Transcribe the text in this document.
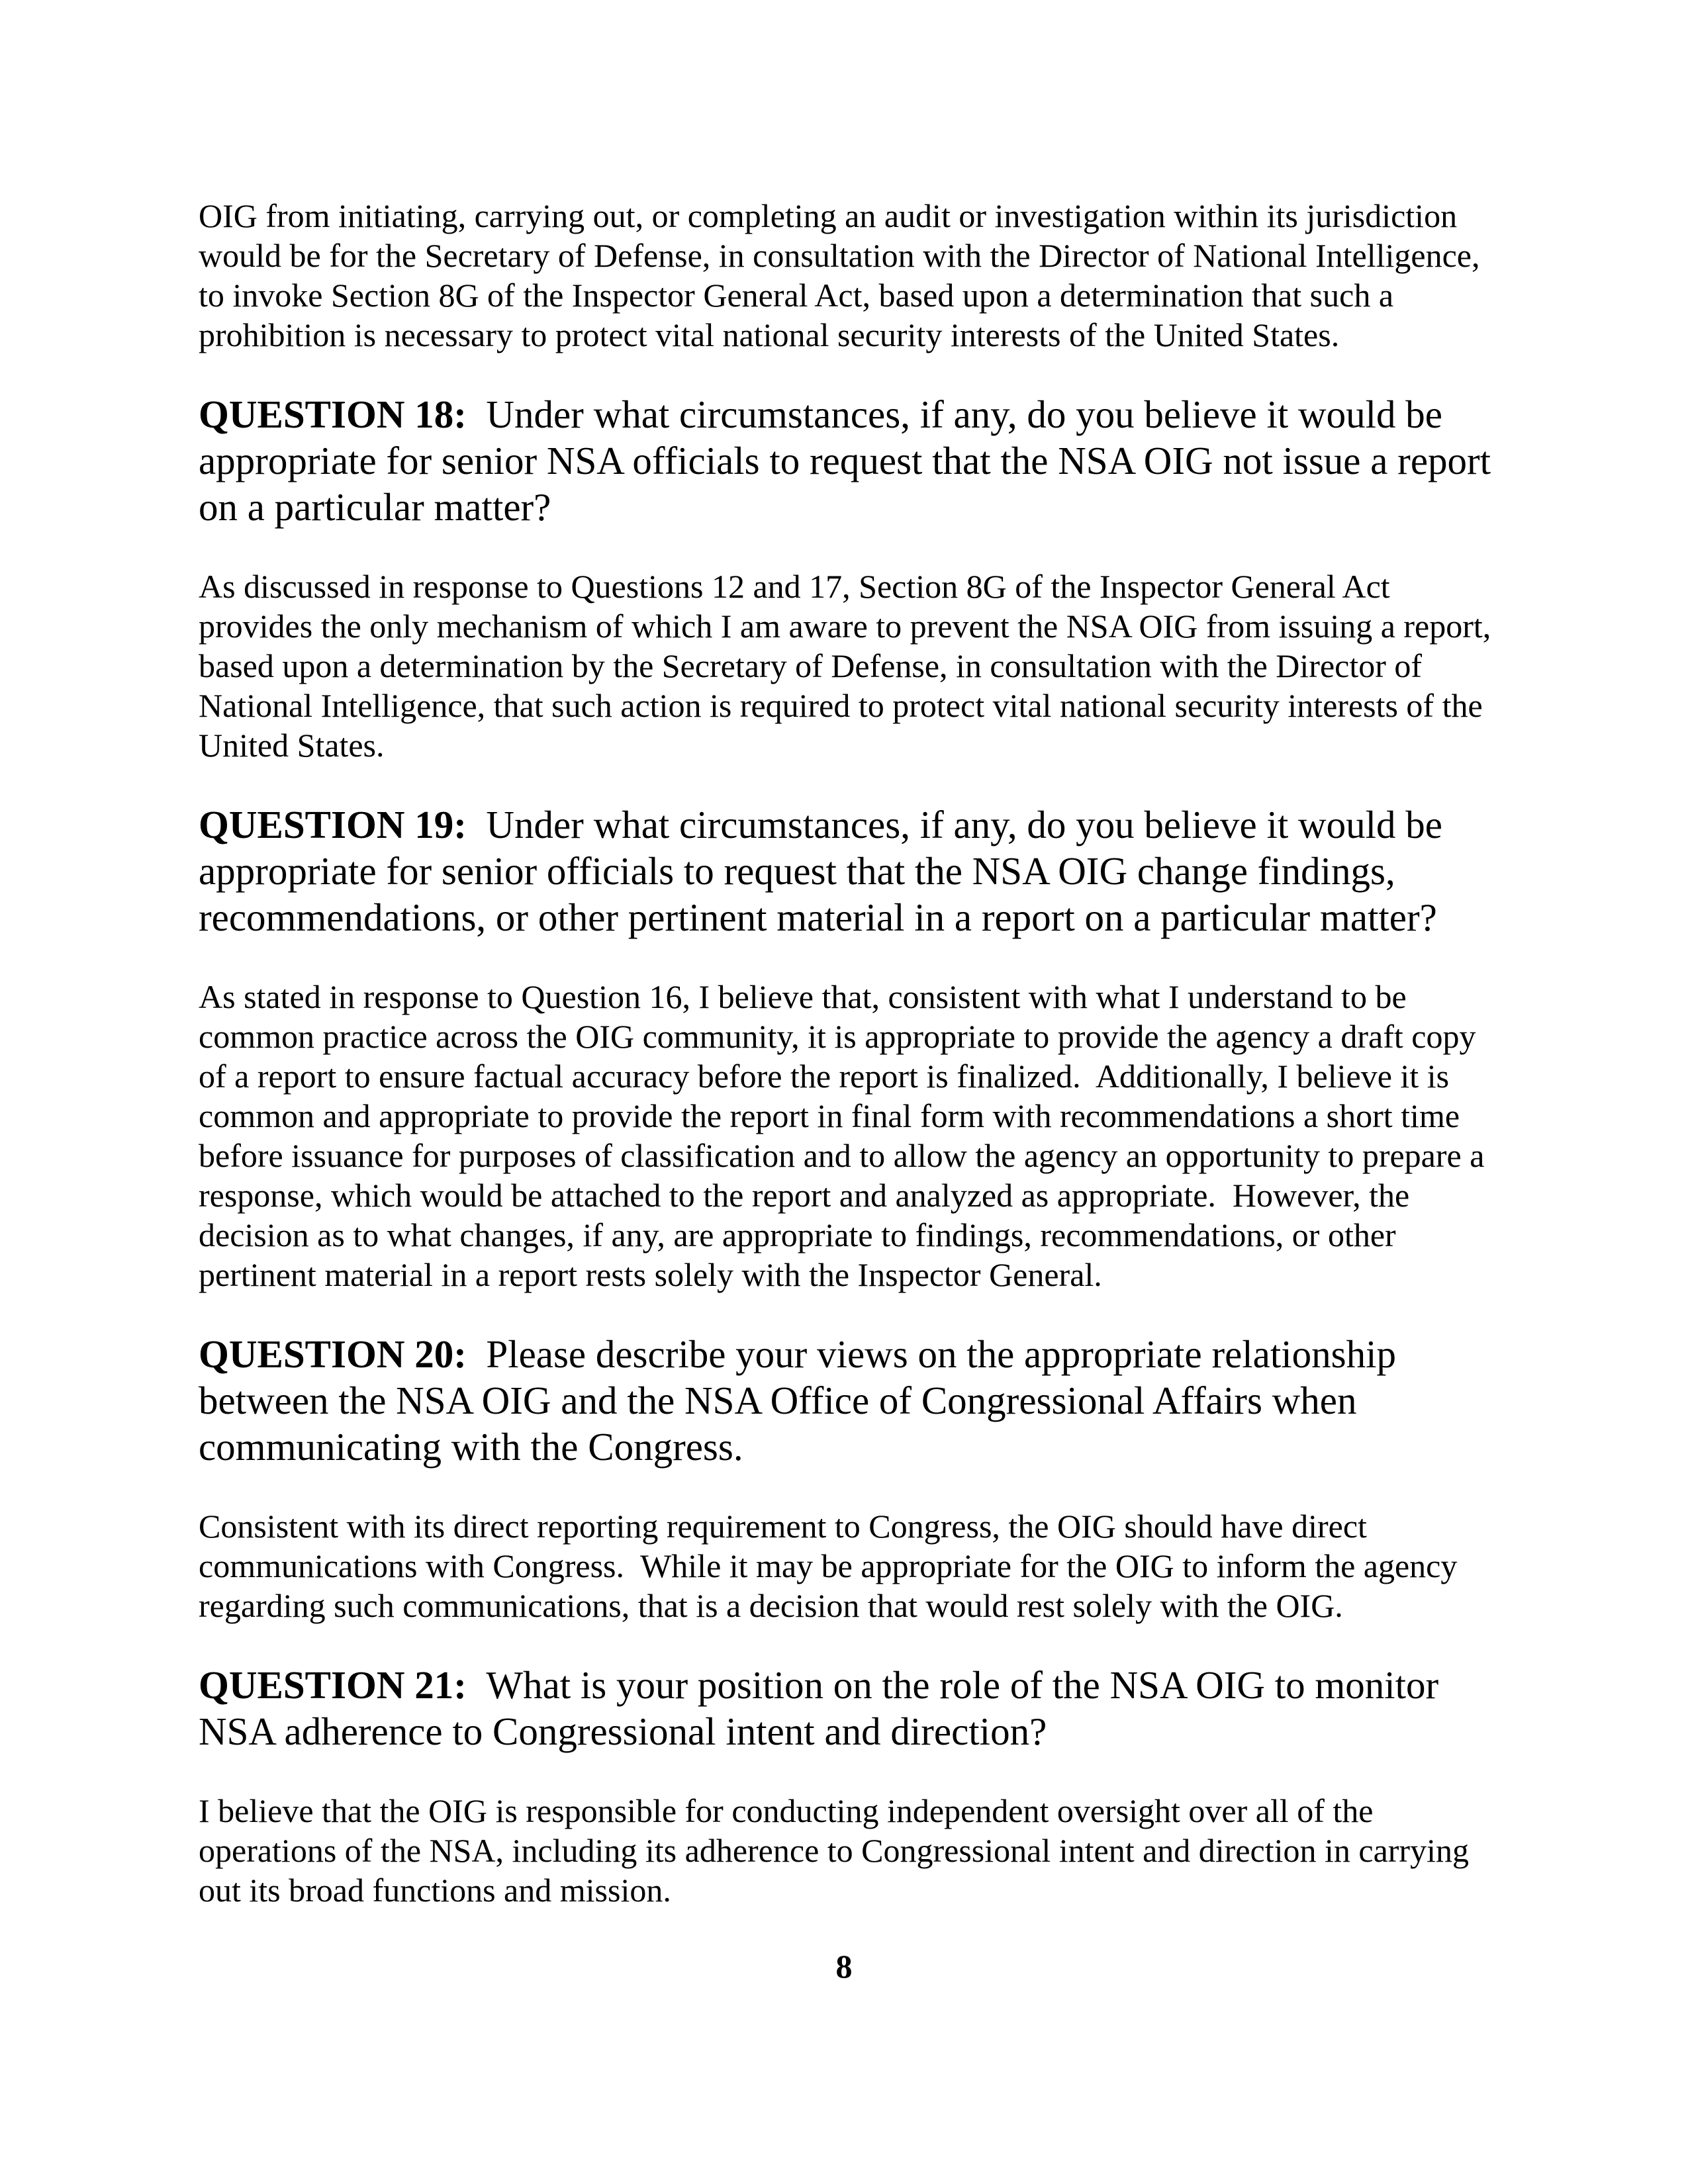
OIG from initiating, carrying out, or completing an audit or investigation within its jurisdiction would be for the Secretary of Defense, in consultation with the Director of National Intelligence, to invoke Section 8G of the Inspector General Act, based upon a determination that such a prohibition is necessary to protect vital national security interests of the United States.
QUESTION 18: Under what circumstances, if any, do you believe it would be appropriate for senior NSA officials to request that the NSA OIG not issue a report on a particular matter?
As discussed in response to Questions 12 and 17, Section 8G of the Inspector General Act provides the only mechanism of which I am aware to prevent the NSA OIG from issuing a report, based upon a determination by the Secretary of Defense, in consultation with the Director of National Intelligence, that such action is required to protect vital national security interests of the United States.
QUESTION 19: Under what circumstances, if any, do you believe it would be appropriate for senior officials to request that the NSA OIG change findings, recommendations, or other pertinent material in a report on a particular matter?
As stated in response to Question 16, I believe that, consistent with what I understand to be common practice across the OIG community, it is appropriate to provide the agency a draft copy of a report to ensure factual accuracy before the report is finalized.  Additionally, I believe it is common and appropriate to provide the report in final form with recommendations a short time before issuance for purposes of classification and to allow the agency an opportunity to prepare a response, which would be attached to the report and analyzed as appropriate.  However, the decision as to what changes, if any, are appropriate to findings, recommendations, or other pertinent material in a report rests solely with the Inspector General.
QUESTION 20: Please describe your views on the appropriate relationship between the NSA OIG and the NSA Office of Congressional Affairs when communicating with the Congress.
Consistent with its direct reporting requirement to Congress, the OIG should have direct communications with Congress.  While it may be appropriate for the OIG to inform the agency regarding such communications, that is a decision that would rest solely with the OIG.
QUESTION 21: What is your position on the role of the NSA OIG to monitor NSA adherence to Congressional intent and direction?
I believe that the OIG is responsible for conducting independent oversight over all of the operations of the NSA, including its adherence to Congressional intent and direction in carrying out its broad functions and mission.
8
